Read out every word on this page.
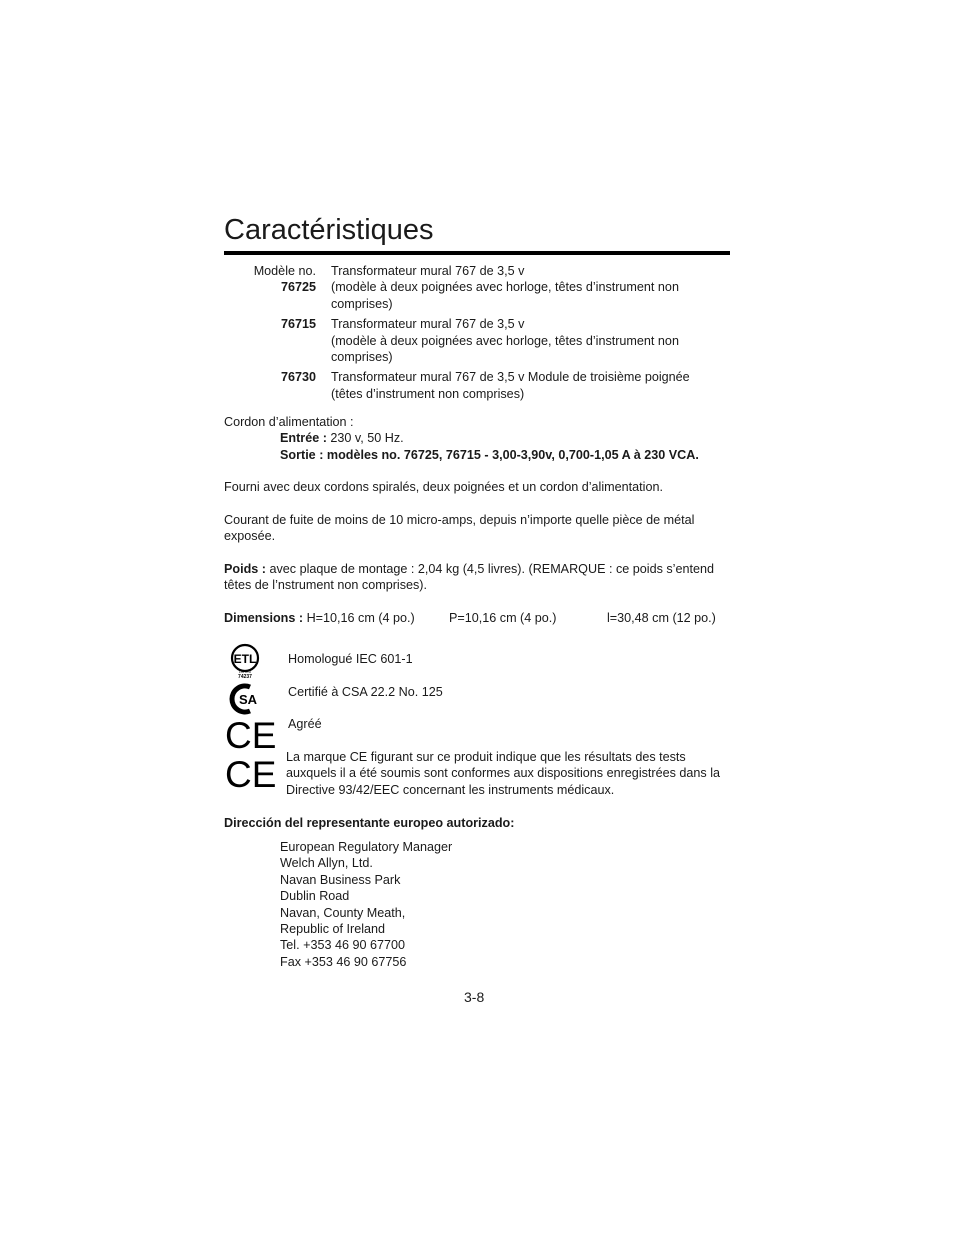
Caractéristiques
Modèle no.
76725
Transformateur mural 767 de 3,5 v
(modèle à deux poignées avec horloge, têtes d’instrument non comprises)
76715 Transformateur mural 767 de 3,5 v
(modèle à deux poignées avec horloge, têtes d’instrument non comprises)
76730 Transformateur mural 767 de 3,5 v Module de troisième poignée
(têtes d’instrument non comprises)
Cordon d’alimentation :
Entrée : 230 v, 50 Hz.
Sortie : modèles no. 76725, 76715 - 3,00-3,90v, 0,700-1,05 A à 230 VCA.
Fourni avec deux cordons spiralés, deux poignées et un cordon d’alimentation.
Courant de fuite de moins de 10 micro-amps, depuis n’importe quelle pièce de métal exposée.
Poids : avec plaque de montage : 2,04 kg (4,5 livres). (REMARQUE : ce poids s’entend têtes de l’nstrument non comprises).
Dimensions : H=10,16 cm (4 po.)	P=10,16 cm (4 po.)	l=30,48 cm (12 po.)
ETL
LISTED
74237
SA
CE
CE
Homologué IEC 601-1
Certifié à CSA 22.2 No. 125
Agréé
La marque CE figurant sur ce produit indique que les résultats des tests auxquels il a été soumis sont conformes aux dispositions enregistrées dans la Directive 93/42/EEC concernant les instruments médicaux.
Dirección del representante europeo autorizado:
European Regulatory Manager
Welch Allyn, Ltd.
Navan Business Park
Dublin Road
Navan, County Meath,
Republic of Ireland
Tel. +353 46 90 67700
Fax +353 46 90 67756
3-8
